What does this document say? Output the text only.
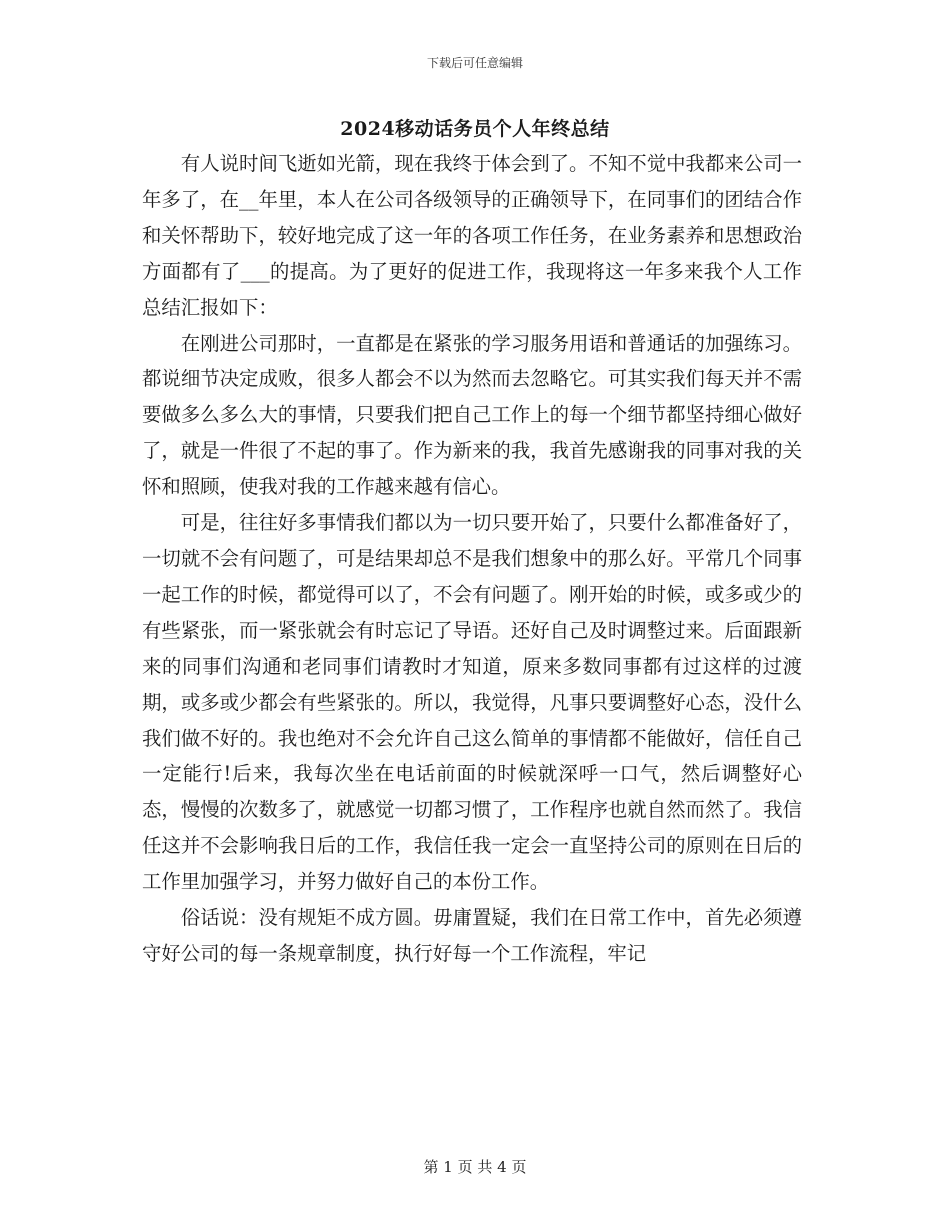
下载后可任意编辑
2024移动话务员个人年终总结

有人说时间飞逝如光箭，现在我终于体会到了。不知不觉中我都来公司一年多了，在__年里，本人在公司各级领导的正确领导下，在同事们的团结合作和关怀帮助下，较好地完成了这一年的各项工作任务，在业务素养和思想政治方面都有了___的提高。为了更好的促进工作，我现将这一年多来我个人工作总结汇报如下：

在刚进公司那时，一直都是在紧张的学习服务用语和普通话的加强练习。都说细节决定成败，很多人都会不以为然而去忽略它。可其实我们每天并不需要做多么多么大的事情，只要我们把自己工作上的每一个细节都坚持细心做好了，就是一件很了不起的事了。作为新来的我，我首先感谢我的同事对我的关怀和照顾，使我对我的工作越来越有信心。

可是，往往好多事情我们都以为一切只要开始了，只要什么都准备好了，一切就不会有问题了，可是结果却总不是我们想象中的那么好。平常几个同事一起工作的时候，都觉得可以了，不会有问题了。刚开始的时候，或多或少的有些紧张，而一紧张就会有时忘记了导语。还好自己及时调整过来。后面跟新来的同事们沟通和老同事们请教时才知道，原来多数同事都有过这样的过渡期，或多或少都会有些紧张的。所以，我觉得，凡事只要调整好心态，没什么我们做不好的。我也绝对不会允许自己这么简单的事情都不能做好，信任自己一定能行!后来，我每次坐在电话前面的时候就深呼一口气，然后调整好心态，慢慢的次数多了，就感觉一切都习惯了，工作程序也就自然而然了。我信任这并不会影响我日后的工作，我信任我一定会一直坚持公司的原则在日后的工作里加强学习，并努力做好自己的本份工作。

俗话说：没有规矩不成方圆。毋庸置疑，我们在日常工作中，首先必须遵守好公司的每一条规章制度，执行好每一个工作流程，牢记

第 1 页 共 4 页
